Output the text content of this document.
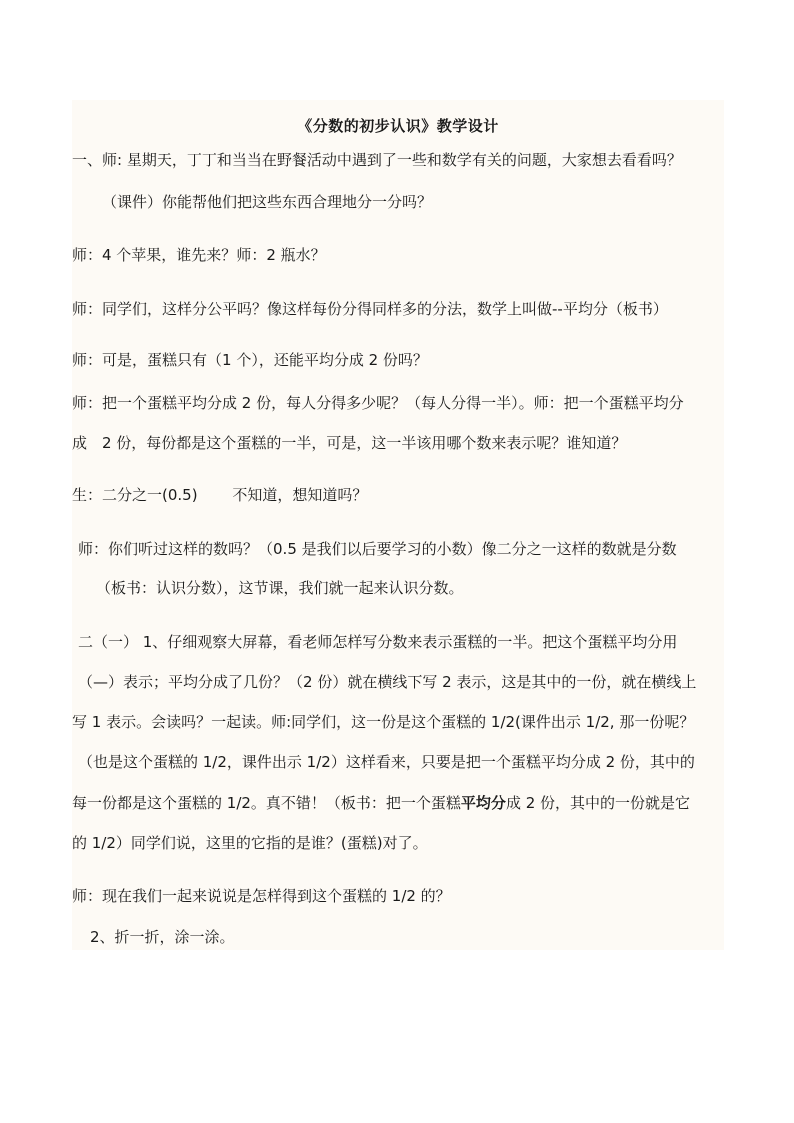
《分数的初步认识》教学设计
一、师: 星期天，丁丁和当当在野餐活动中遇到了一些和数学有关的问题，大家想去看看吗？
（课件）你能帮他们把这些东西合理地分一分吗？
师：4 个苹果，谁先来？师：2 瓶水？
师：同学们，这样分公平吗？像这样每份分得同样多的分法，数学上叫做--平均分（板书）
师：可是，蛋糕只有（1 个），还能平均分成 2 份吗？
师：把一个蛋糕平均分成 2 份，每人分得多少呢？（每人分得一半）。师：把一个蛋糕平均分
成　2 份，每份都是这个蛋糕的一半，可是，这一半该用哪个数来表示呢？谁知道？
生：二分之一(0.5)　　 不知道，想知道吗？
师：你们听过这样的数吗？（0.5 是我们以后要学习的小数）像二分之一这样的数就是分数
（板书：认识分数），这节课，我们就一起来认识分数。
二（一） 1、仔细观察大屏幕，看老师怎样写分数来表示蛋糕的一半。把这个蛋糕平均分用
（—）表示；平均分成了几份？（2 份）就在横线下写 2 表示，这是其中的一份，就在横线上
写 1 表示。会读吗？一起读。师:同学们，这一份是这个蛋糕的 1/2(课件出示 1/2, 那一份呢？
（也是这个蛋糕的 1/2，课件出示 1/2）这样看来，只要是把一个蛋糕平均分成 2 份，其中的
每一份都是这个蛋糕的 1/2。真不错！（板书：把一个蛋糕平均分成 2 份，其中的一份就是它
的 1/2）同学们说，这里的它指的是谁？(蛋糕)对了。
师：现在我们一起来说说是怎样得到这个蛋糕的 1/2 的？
2、折一折，涂一涂。
